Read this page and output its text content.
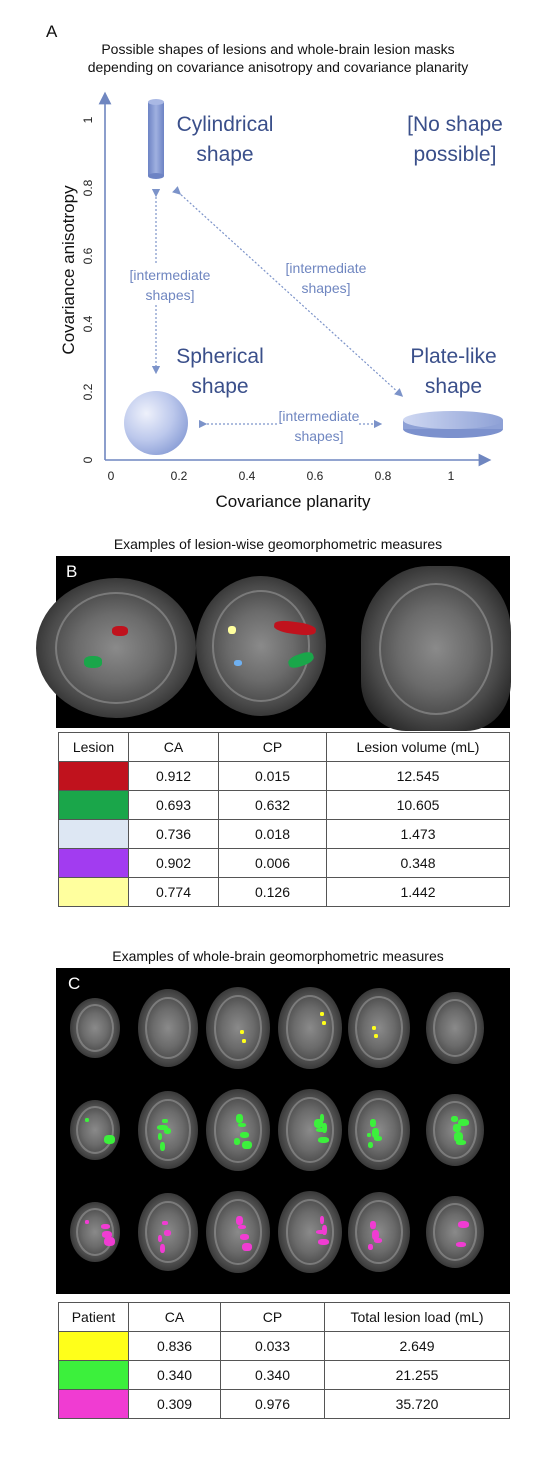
A
Possible shapes of lesions and whole-brain lesion masks
depending on covariance anisotropy and covariance planarity
0	0.2	0.4	0.6	0.8	1
0
0.2
0.4
0.6
0.8
1	Cylindrical
shape
[No shape
possible]
Spherical
shape
Plate-like
shape
[intermediate
shapes]
[intermediate
shapes]
[intermediate
shapes]
Covariance planarity
Covariance anisotropy
Examples of lesion-wise geomorphometric measures
B
Lesion	CA	CP	Lesion volume (mL)
	0.912	0.015	12.545
	0.693	0.632	10.605
	0.736	0.018	1.473
	0.902	0.006	0.348
	0.774	0.126	1.442
Examples of whole-brain geomorphometric measures
C
Patient	CA	CP	Total lesion load (mL)
	0.836	0.033	2.649
	0.340	0.340	21.255
	0.309	0.976	35.720
